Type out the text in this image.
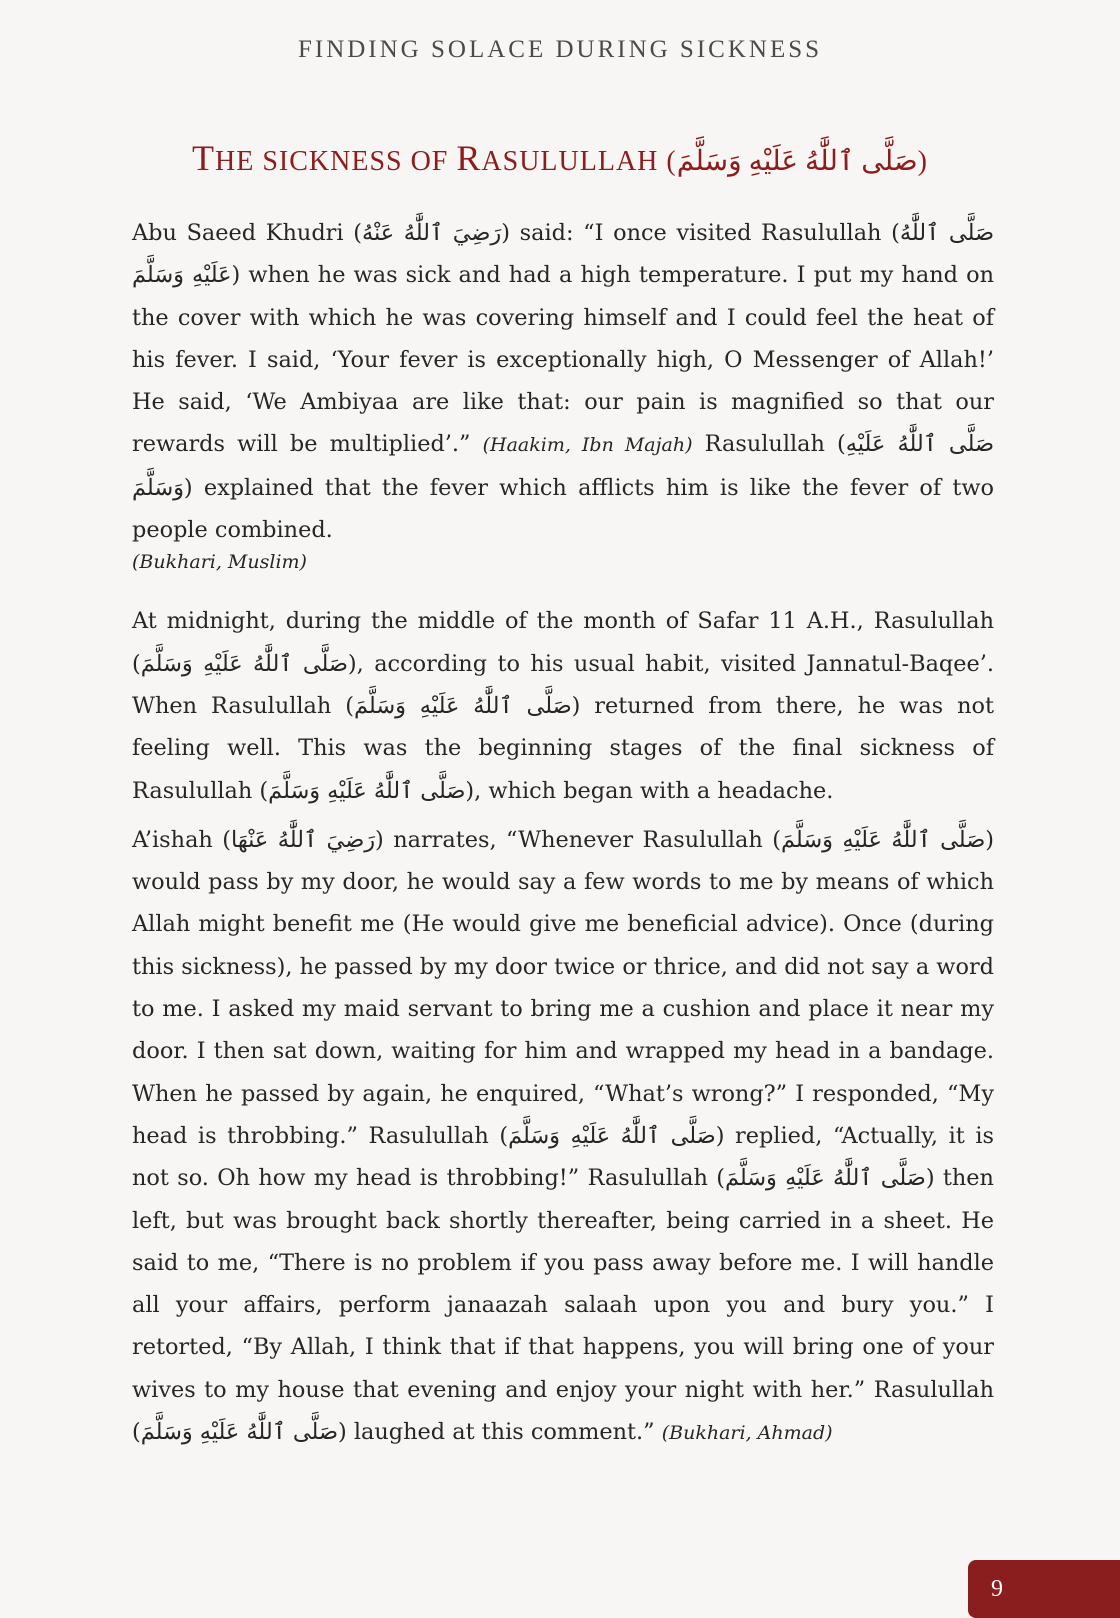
FINDING SOLACE DURING SICKNESS
THE SICKNESS OF RASULULLAH (صَلَّى ٱللَّٰهُ عَلَيْهِ وَسَلَّمَ)

Abu Saeed Khudri (رَضِيَ ٱللَّٰهُ عَنْهُ) said: “I once visited Rasulullah (صَلَّى ٱللَّٰهُ عَلَيْهِ وَسَلَّمَ) when he was sick and had a high temperature. I put my hand on the cover with which he was covering himself and I could feel the heat of his fever. I said, ‘Your fever is exceptionally high, O Messenger of Allah!’ He said, ‘We Ambiyaa are like that: our pain is magnified so that our rewards will be multiplied’.” (Haakim, Ibn Majah) Rasulullah (صَلَّى ٱللَّٰهُ عَلَيْهِ وَسَلَّمَ) explained that the fever which afflicts him is like the fever of two people combined.
(Bukhari, Muslim)

At midnight, during the middle of the month of Safar 11 A.H., Rasulullah (صَلَّى ٱللَّٰهُ عَلَيْهِ وَسَلَّمَ), according to his usual habit, visited Jannatul-Baqee’. When Rasulullah (صَلَّى ٱللَّٰهُ عَلَيْهِ وَسَلَّمَ) returned from there, he was not feeling well. This was the beginning stages of the final sickness of Rasulullah (صَلَّى ٱللَّٰهُ عَلَيْهِ وَسَلَّمَ), which began with a headache.

A’ishah (رَضِيَ ٱللَّٰهُ عَنْهَا) narrates, “Whenever Rasulullah (صَلَّى ٱللَّٰهُ عَلَيْهِ وَسَلَّمَ) would pass by my door, he would say a few words to me by means of which Allah might benefit me (He would give me beneficial advice). Once (during this sickness), he passed by my door twice or thrice, and did not say a word to me. I asked my maid servant to bring me a cushion and place it near my door. I then sat down, waiting for him and wrapped my head in a bandage. When he passed by again, he enquired, “What’s wrong?” I responded, “My head is throbbing.” Rasulullah (صَلَّى ٱللَّٰهُ عَلَيْهِ وَسَلَّمَ) replied, “Actually, it is not so. Oh how my head is throbbing!” Rasulullah (صَلَّى ٱللَّٰهُ عَلَيْهِ وَسَلَّمَ) then left, but was brought back shortly thereafter, being carried in a sheet. He said to me, “There is no problem if you pass away before me. I will handle all your affairs, perform janaazah salaah upon you and bury you.” I retorted, “By Allah, I think that if that happens, you will bring one of your wives to my house that evening and enjoy your night with her.” Rasulullah (صَلَّى ٱللَّٰهُ عَلَيْهِ وَسَلَّمَ) laughed at this comment.” (Bukhari, Ahmad)

9
